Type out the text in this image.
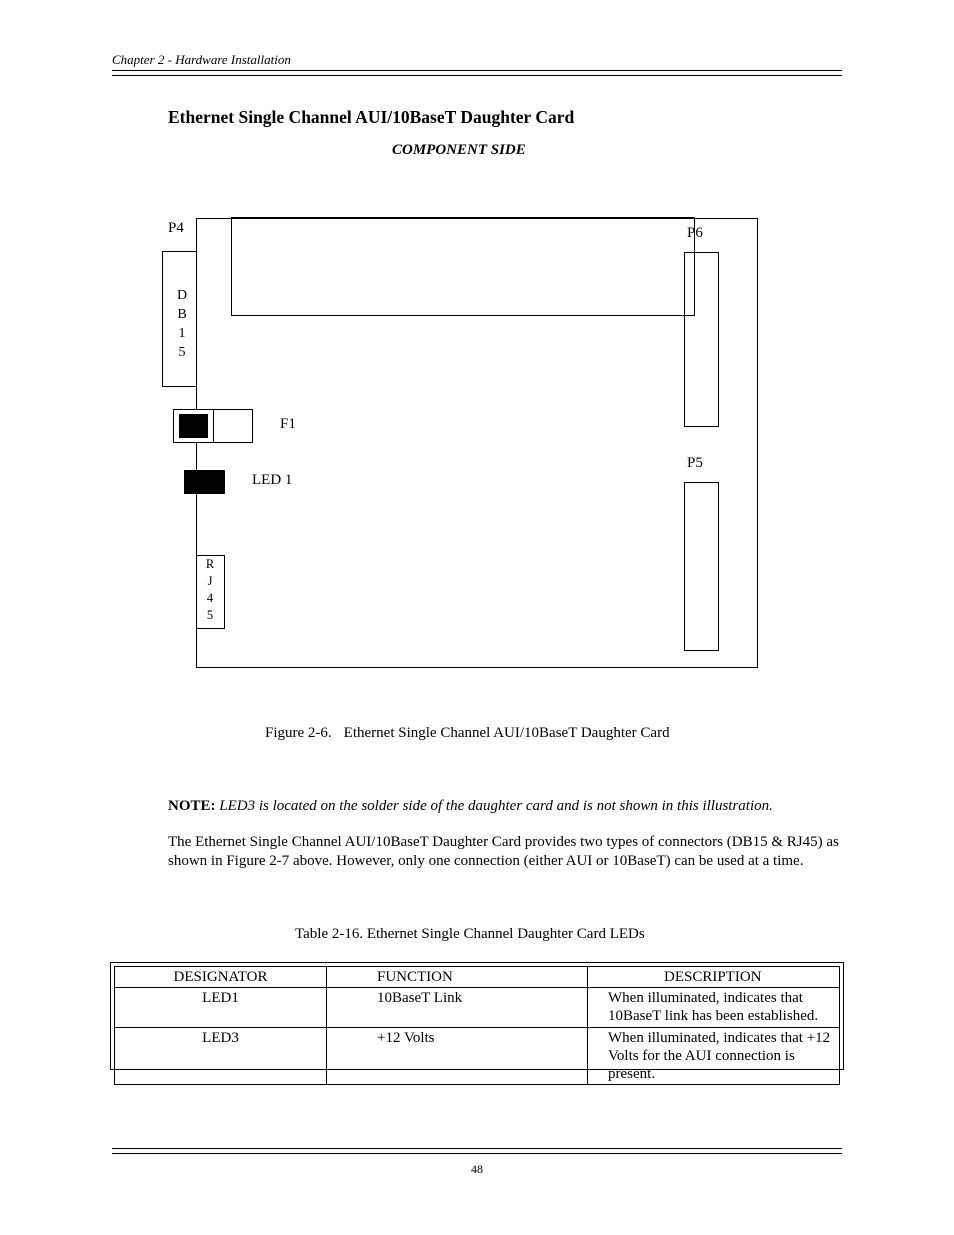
Chapter 2 - Hardware Installation
Ethernet Single Channel AUI/10BaseT Daughter Card
COMPONENT SIDE
P4
D
B
1
5
P6
F1
P5
LED 1
R
J
4
5
Figure 2-6. Ethernet Single Channel AUI/10BaseT Daughter Card
NOTE: LED3 is located on the solder side of the daughter card and is not shown in this illustration.
The Ethernet Single Channel AUI/10BaseT Daughter Card provides two types of connectors (DB15 & RJ45) as shown in Figure 2-7 above. However, only one connection (either AUI or 10BaseT) can be used at a time.
Table 2-16. Ethernet Single Channel Daughter Card LEDs
DESIGNATOR	FUNCTION	DESCRIPTION
LED1	10BaseT Link	When illuminated, indicates that 10BaseT link has been established.
LED3	+12 Volts	When illuminated, indicates that +12 Volts for the AUI connection is present.
48
